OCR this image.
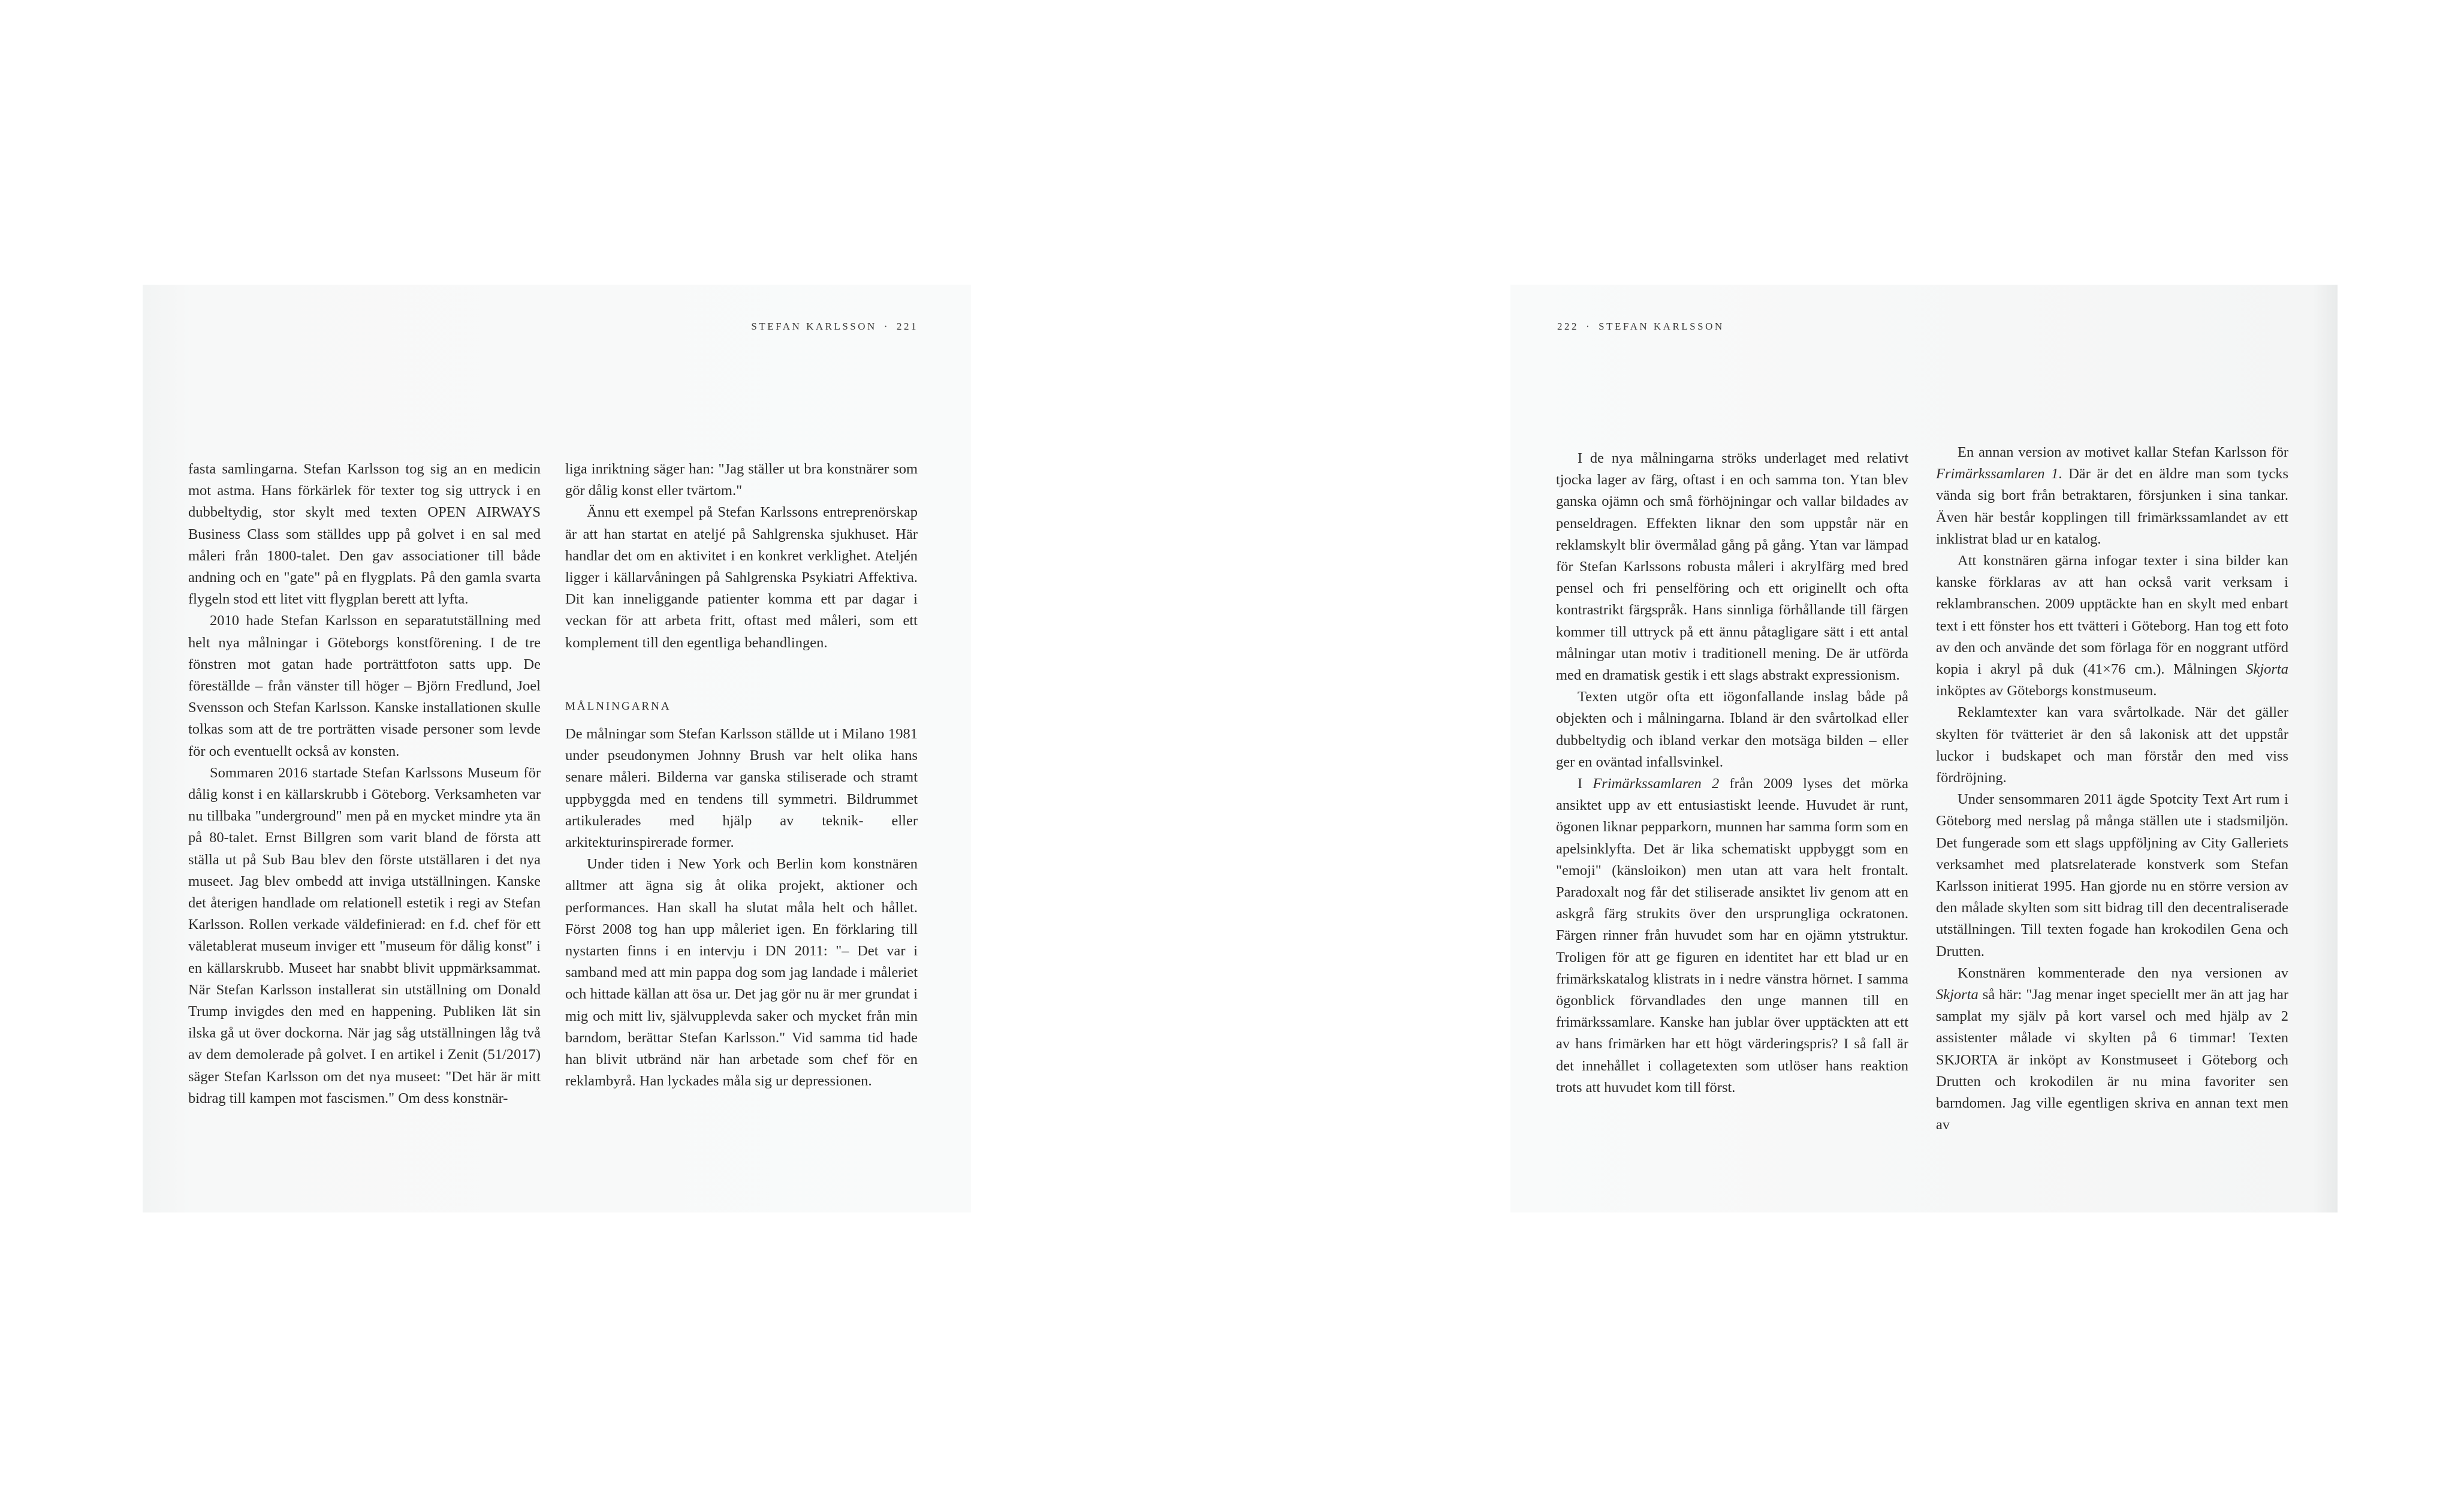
STEFAN KARLSSON · 221

fasta samlingarna. Stefan Karlsson tog sig an en medicin mot astma. Hans förkärlek för texter tog sig uttryck i en dubbeltydig, stor skylt med texten OPEN AIRWAYS Business Class som ställdes upp på golvet i en sal med måleri från 1800-talet. Den gav associationer till både andning och en "gate" på en flygplats. På den gamla svarta flygeln stod ett litet vitt flygplan berett att lyfta.

2010 hade Stefan Karlsson en separatutställning med helt nya målningar i Göteborgs konstförening. I de tre fönstren mot gatan hade porträttfoton satts upp. De föreställde – från vänster till höger – Björn Fredlund, Joel Svensson och Stefan Karlsson. Kanske installationen skulle tolkas som att de tre porträtten visade personer som levde för och eventuellt också av konsten.

Sommaren 2016 startade Stefan Karlssons Museum för dålig konst i en källarskrubb i Göteborg. Verksamheten var nu tillbaka "underground" men på en mycket mindre yta än på 80-talet. Ernst Billgren som varit bland de första att ställa ut på Sub Bau blev den förste utställaren i det nya museet. Jag blev ombedd att inviga utställningen. Kanske det återigen handlade om relationell estetik i regi av Stefan Karlsson. Rollen verkade väldefinierad: en f.d. chef för ett väletablerat museum inviger ett "museum för dålig konst" i en källarskrubb. Museet har snabbt blivit uppmärksammat. När Stefan Karlsson installerat sin utställning om Donald Trump invigdes den med en happening. Publiken lät sin ilska gå ut över dockorna. När jag såg utställningen låg två av dem demolerade på golvet. I en artikel i Zenit (51/2017) säger Stefan Karlsson om det nya museet: "Det här är mitt bidrag till kampen mot fascismen." Om dess konstnär-

liga inriktning säger han: "Jag ställer ut bra konstnärer som gör dålig konst eller tvärtom."

Ännu ett exempel på Stefan Karlssons entreprenörskap är att han startat en ateljé på Sahlgrenska sjukhuset. Här handlar det om en aktivitet i en konkret verklighet. Ateljén ligger i källarvåningen på Sahlgrenska Psykiatri Affektiva. Dit kan inneliggande patienter komma ett par dagar i veckan för att arbeta fritt, oftast med måleri, som ett komplement till den egentliga behandlingen.

MÅLNINGARNA

De målningar som Stefan Karlsson ställde ut i Milano 1981 under pseudonymen Johnny Brush var helt olika hans senare måleri. Bilderna var ganska stiliserade och stramt uppbyggda med en tendens till symmetri. Bildrummet artikulerades med hjälp av teknik- eller arkitekturinspirerade former.

Under tiden i New York och Berlin kom konstnären alltmer att ägna sig åt olika projekt, aktioner och performances. Han skall ha slutat måla helt och hållet. Först 2008 tog han upp måleriet igen. En förklaring till nystarten finns i en intervju i DN 2011: "– Det var i samband med att min pappa dog som jag landade i måleriet och hittade källan att ösa ur. Det jag gör nu är mer grundat i mig och mitt liv, självupplevda saker och mycket från min barndom, berättar Stefan Karlsson." Vid samma tid hade han blivit utbränd när han arbetade som chef för en reklambyrå. Han lyckades måla sig ur depressionen.

222 · STEFAN KARLSSON

I de nya målningarna ströks underlaget med relativt tjocka lager av färg, oftast i en och samma ton. Ytan blev ganska ojämn och små förhöjningar och vallar bildades av penseldragen. Effekten liknar den som uppstår när en reklamskylt blir övermålad gång på gång. Ytan var lämpad för Stefan Karlssons robusta måleri i akrylfärg med bred pensel och fri penselföring och ett originellt och ofta kontrastrikt färgspråk. Hans sinnliga förhållande till färgen kommer till uttryck på ett ännu påtagligare sätt i ett antal målningar utan motiv i traditionell mening. De är utförda med en dramatisk gestik i ett slags abstrakt expressionism.

Texten utgör ofta ett iögonfallande inslag både på objekten och i målningarna. Ibland är den svårtolkad eller dubbeltydig och ibland verkar den motsäga bilden – eller ger en oväntad infallsvinkel.

I Frimärkssamlaren 2 från 2009 lyses det mörka ansiktet upp av ett entusiastiskt leende. Huvudet är runt, ögonen liknar pepparkorn, munnen har samma form som en apelsinklyfta. Det är lika schematiskt uppbyggt som en "emoji" (känsloikon) men utan att vara helt frontalt. Paradoxalt nog får det stiliserade ansiktet liv genom att en askgrå färg strukits över den ursprungliga ockratonen. Färgen rinner från huvudet som har en ojämn ytstruktur. Troligen för att ge figuren en identitet har ett blad ur en frimärkskatalog klistrats in i nedre vänstra hörnet. I samma ögonblick förvandlades den unge mannen till en frimärkssamlare. Kanske han jublar över upptäckten att ett av hans frimärken har ett högt värderingspris? I så fall är det innehållet i collagetexten som utlöser hans reaktion trots att huvudet kom till först.

En annan version av motivet kallar Stefan Karlsson för Frimärkssamlaren 1. Där är det en äldre man som tycks vända sig bort från betraktaren, försjunken i sina tankar. Även här består kopplingen till frimärkssamlandet av ett inklistrat blad ur en katalog.

Att konstnären gärna infogar texter i sina bilder kan kanske förklaras av att han också varit verksam i reklambranschen. 2009 upptäckte han en skylt med enbart text i ett fönster hos ett tvätteri i Göteborg. Han tog ett foto av den och använde det som förlaga för en noggrant utförd kopia i akryl på duk (41×76 cm.). Målningen Skjorta inköptes av Göteborgs konstmuseum.

Reklamtexter kan vara svårtolkade. När det gäller skylten för tvätteriet är den så lakonisk att det uppstår luckor i budskapet och man förstår den med viss fördröjning.

Under sensommaren 2011 ägde Spotcity Text Art rum i Göteborg med nerslag på många ställen ute i stadsmiljön. Det fungerade som ett slags uppföljning av City Galleriets verksamhet med platsrelaterade konstverk som Stefan Karlsson initierat 1995. Han gjorde nu en större version av den målade skylten som sitt bidrag till den decentraliserade utställningen. Till texten fogade han krokodilen Gena och Drutten.

Konstnären kommenterade den nya versionen av Skjorta så här: "Jag menar inget speciellt mer än att jag har samplat my själv på kort varsel och med hjälp av 2 assistenter målade vi skylten på 6 timmar! Texten SKJORTA är inköpt av Konstmuseet i Göteborg och Drutten och krokodilen är nu mina favoriter sen barndomen. Jag ville egentligen skriva en annan text men av
